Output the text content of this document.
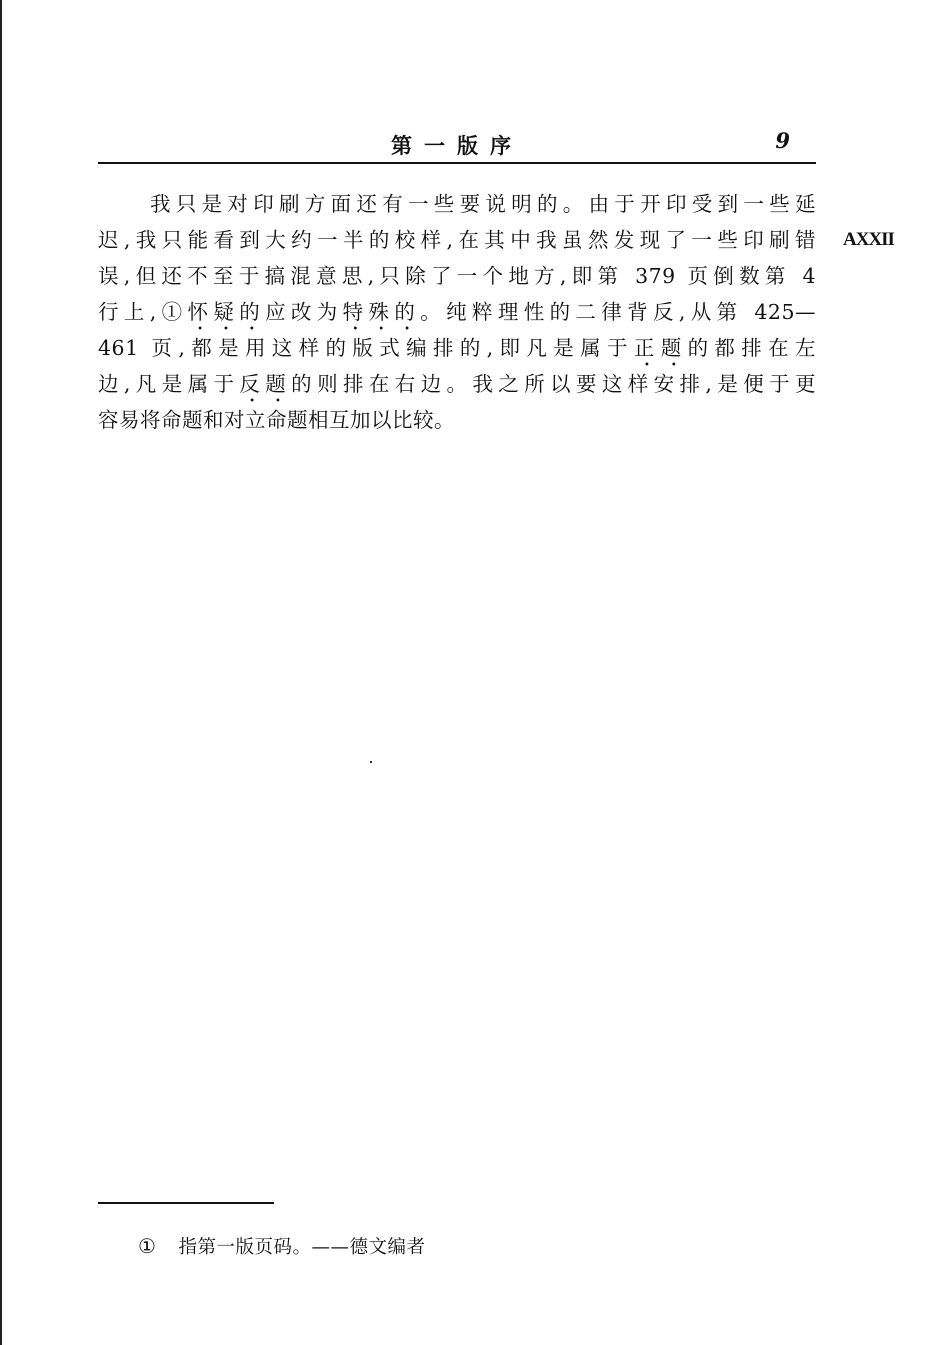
第一版序	9
我只是对印刷方面还有一些要说明的。由于开印受到一些延
迟,我只能看到大约一半的校样,在其中我虽然发现了一些印刷错
误,但还不至于搞混意思,只除了一个地方,即第 379 页倒数第 4
行上,①怀疑的应改为特殊的。纯粹理性的二律背反,从第 425—
461 页,都是用这样的版式编排的,即凡是属于正题的都排在左
边,凡是属于反题的则排在右边。我之所以要这样安排,是便于更
容易将命题和对立命题相互加以比较。
AXXII
① 指第一版页码。——德文编者
